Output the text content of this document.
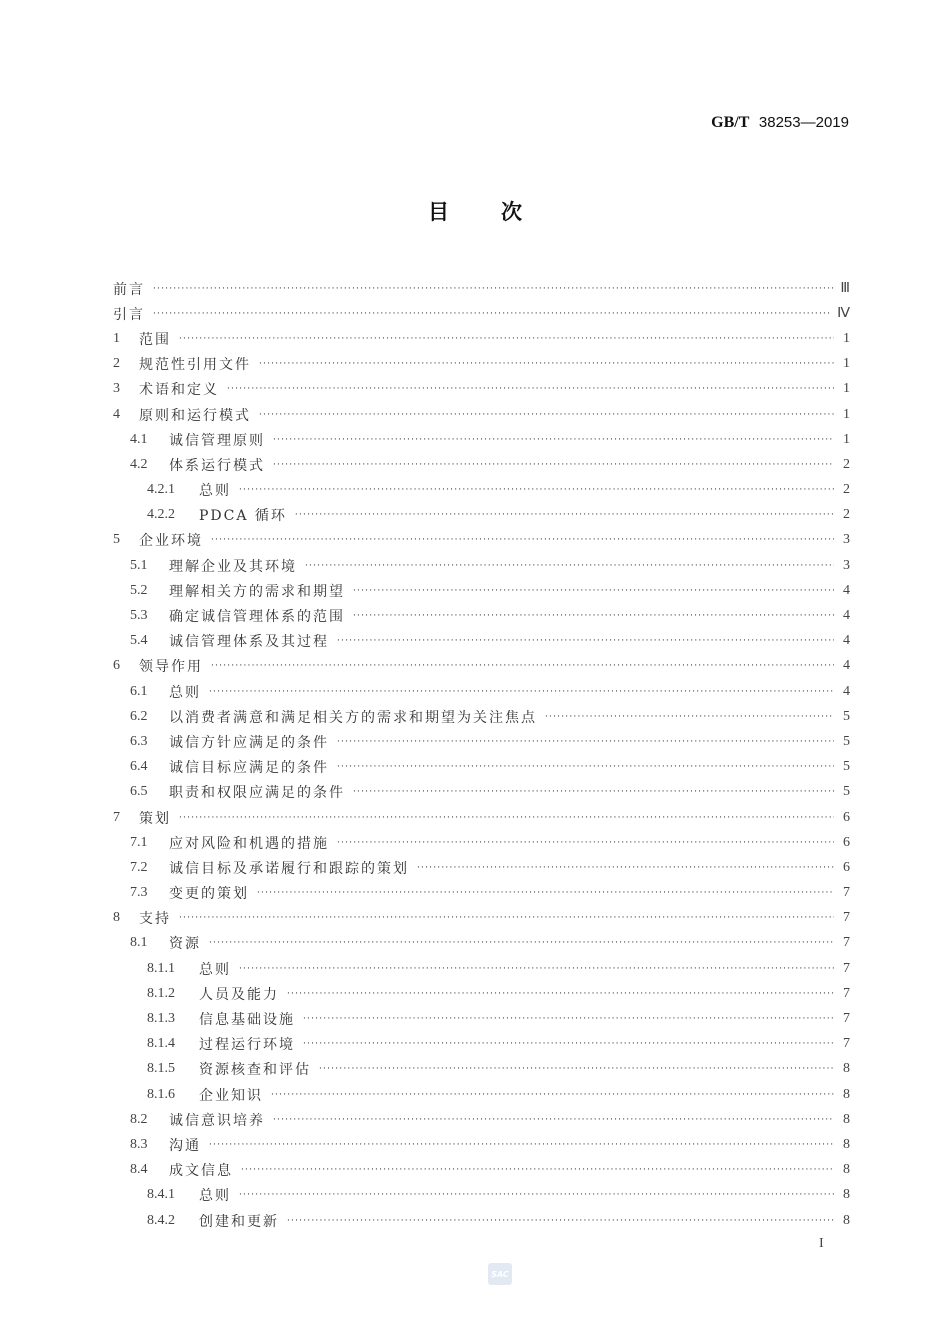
GB/T 38253—2019
目次
前言 ·····	Ⅲ
引言 ·····	Ⅳ
1	范围 ·····	1
2	规范性引用文件 ·····	1
3	术语和定义 ·····	1
4	原则和运行模式 ·····	1
4.1	诚信管理原则 ·····	1
4.2	体系运行模式 ·····	2
4.2.1	总则 ·····	2
4.2.2	PDCA 循环 ·····	2
5	企业环境 ·····	3
5.1	理解企业及其环境 ·····	3
5.2	理解相关方的需求和期望 ·····	4
5.3	确定诚信管理体系的范围 ·····	4
5.4	诚信管理体系及其过程 ·····	4
6	领导作用 ·····	4
6.1	总则 ·····	4
6.2	以消费者满意和满足相关方的需求和期望为关注焦点 ·····	5
6.3	诚信方针应满足的条件 ·····	5
6.4	诚信目标应满足的条件 ·····	5
6.5	职责和权限应满足的条件 ·····	5
7	策划 ·····	6
7.1	应对风险和机遇的措施 ·····	6
7.2	诚信目标及承诺履行和跟踪的策划 ·····	6
7.3	变更的策划 ·····	7
8	支持 ·····	7
8.1	资源 ·····	7
8.1.1	总则 ·····	7
8.1.2	人员及能力 ·····	7
8.1.3	信息基础设施 ·····	7
8.1.4	过程运行环境 ·····	7
8.1.5	资源核查和评估 ·····	8
8.1.6	企业知识 ·····	8
8.2	诚信意识培养 ·····	8
8.3	沟通 ·····	8
8.4	成文信息 ·····	8
8.4.1	总则 ·····	8
8.4.2	创建和更新 ·····	8
I
SAC
